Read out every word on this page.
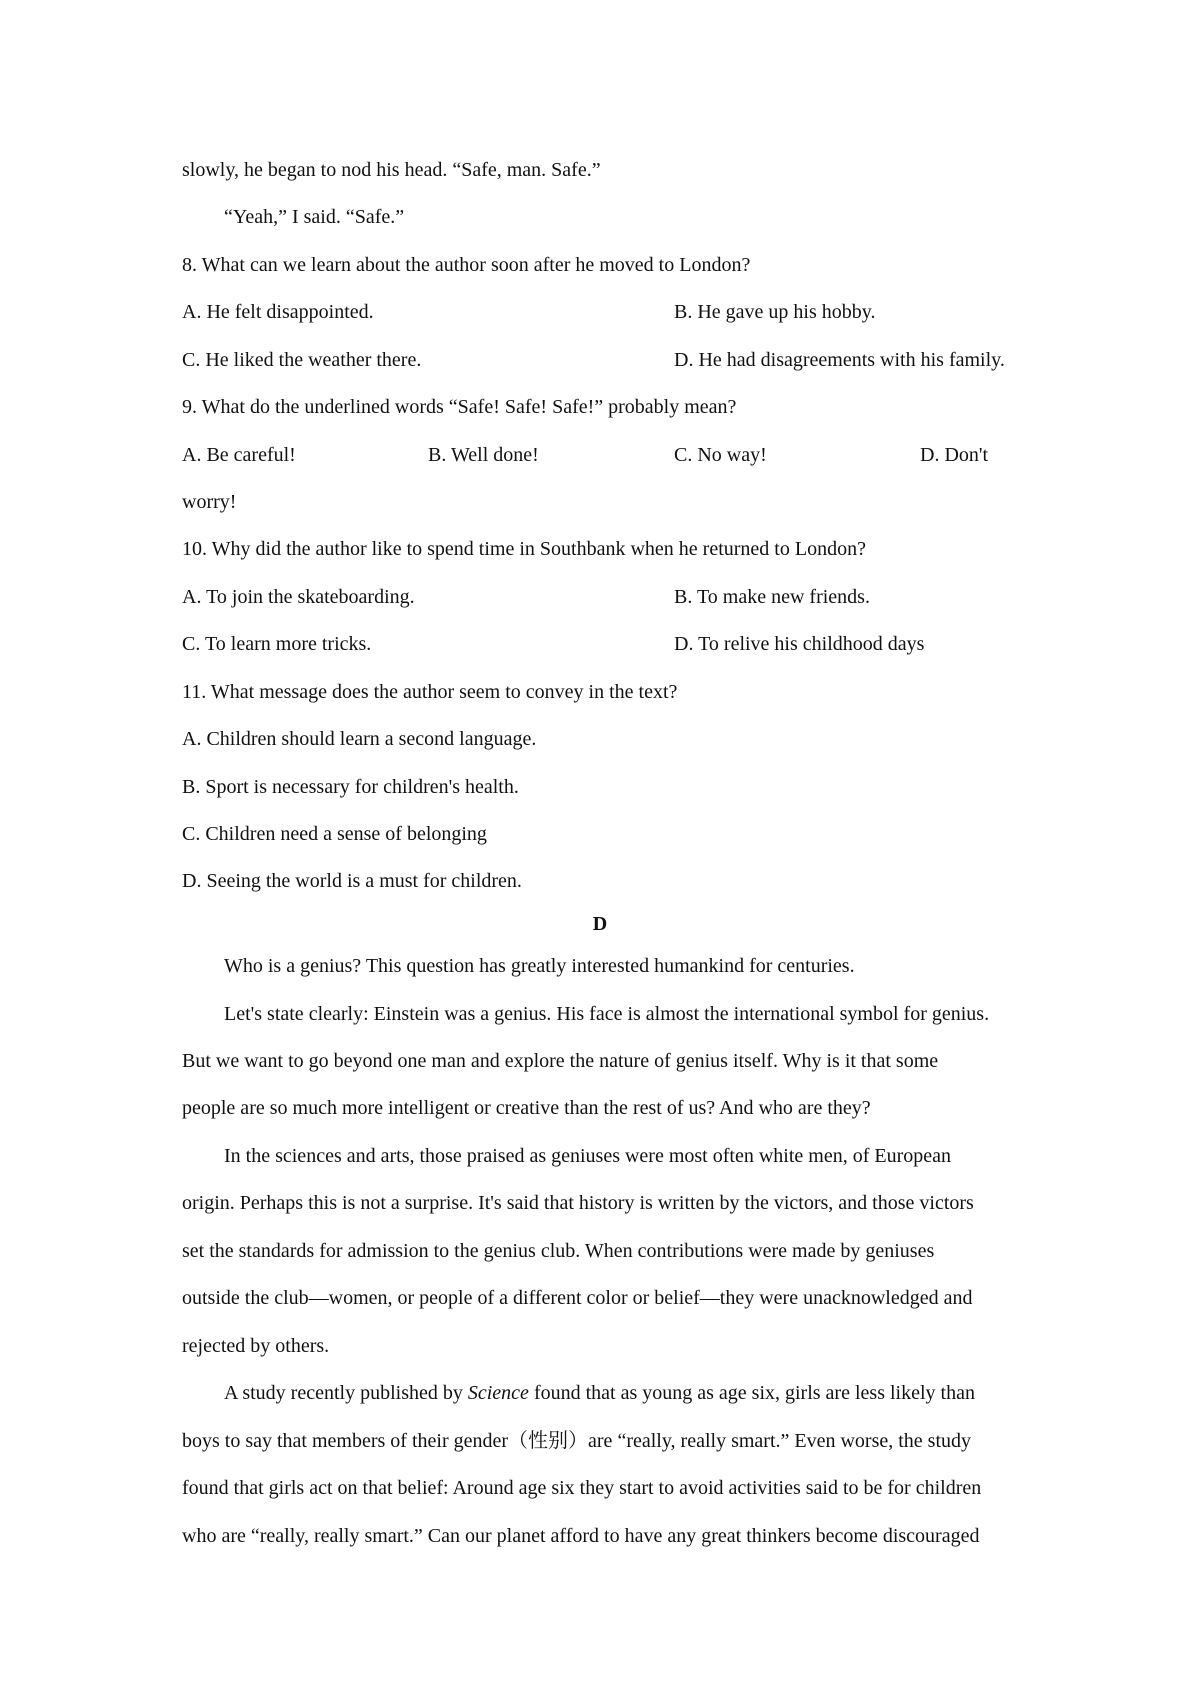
slowly, he began to nod his head. “Safe, man. Safe.”
“Yeah,” I said. “Safe.”
8. What can we learn about the author soon after he moved to London?
A. He felt disappointed.	B. He gave up his hobby.
C. He liked the weather there.	D. He had disagreements with his family.
9. What do the underlined words “Safe! Safe! Safe!” probably mean?
A. Be careful!	B. Well done!	C. No way!	D. Don't
worry!
10. Why did the author like to spend time in Southbank when he returned to London?
A. To join the skateboarding.	B. To make new friends.
C. To learn more tricks.	D. To relive his childhood days
11. What message does the author seem to convey in the text?
A. Children should learn a second language.
B. Sport is necessary for children's health.
C. Children need a sense of belonging
D. Seeing the world is a must for children.
D
Who is a genius? This question has greatly interested humankind for centuries.
Let's state clearly: Einstein was a genius. His face is almost the international symbol for genius.
But we want to go beyond one man and explore the nature of genius itself. Why is it that some
people are so much more intelligent or creative than the rest of us? And who are they?
In the sciences and arts, those praised as geniuses were most often white men, of European
origin. Perhaps this is not a surprise. It's said that history is written by the victors, and those victors
set the standards for admission to the genius club. When contributions were made by geniuses
outside the club—women, or people of a different color or belief—they were unacknowledged and
rejected by others.
A study recently published by Science found that as young as age six, girls are less likely than
boys to say that members of their gender（性别）are “really, really smart.” Even worse, the study
found that girls act on that belief: Around age six they start to avoid activities said to be for children
who are “really, really smart.” Can our planet afford to have any great thinkers become discouraged
